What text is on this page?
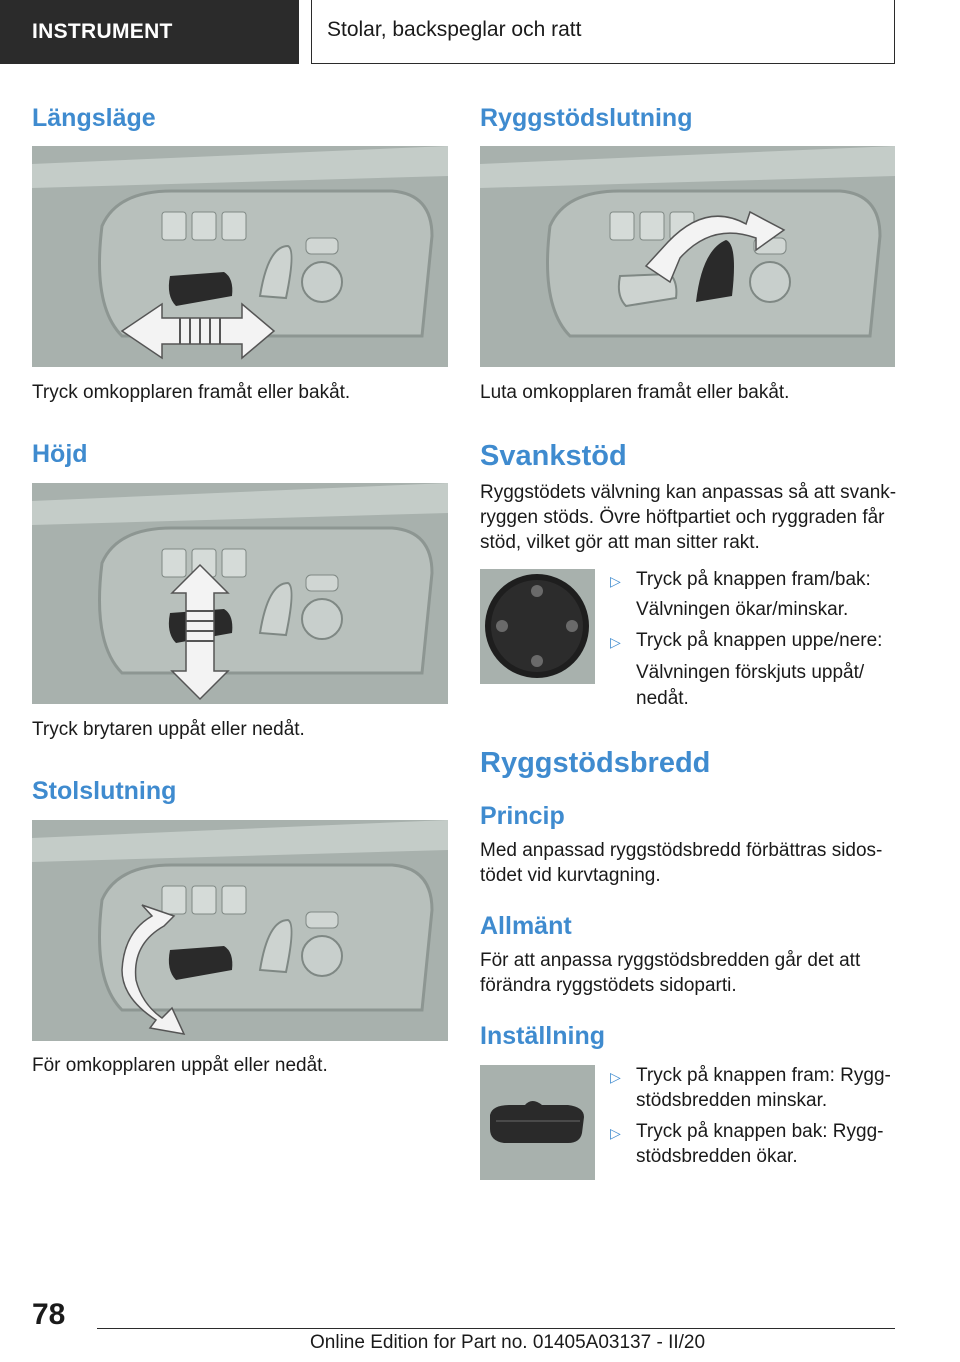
INSTRUMENT	Stolar, backspeglar och ratt
Längsläge
Tryck omkopplaren framåt eller bakåt.
Höjd
Tryck brytaren uppåt eller nedåt.
Stolslutning
För omkopplaren uppåt eller nedåt.
Ryggstödslutning
Luta omkopplaren framåt eller bakåt.
Svankstöd
Ryggstödets välvning kan anpassas så att svank‐
ryggen stöds. Övre höftpartiet och ryggraden får
stöd, vilket gör att man sitter rakt.
▷ Tryck på knappen fram/bak:
Välvningen ökar/minskar.
▷ Tryck på knappen uppe/nere:
Välvningen förskjuts uppåt/
nedåt.
Ryggstödsbredd
Princip
Med anpassad ryggstödsbredd förbättras sidos‐
tödet vid kurvtagning.
Allmänt
För att anpassa ryggstödsbredden går det att
förändra ryggstödets sidoparti.
Inställning
▷ Tryck på knappen fram: Rygg‐
stödsbredden minskar.
▷ Tryck på knappen bak: Rygg‐
stödsbredden ökar.
78
Online Edition for Part no. 01405A03137 - II/20
